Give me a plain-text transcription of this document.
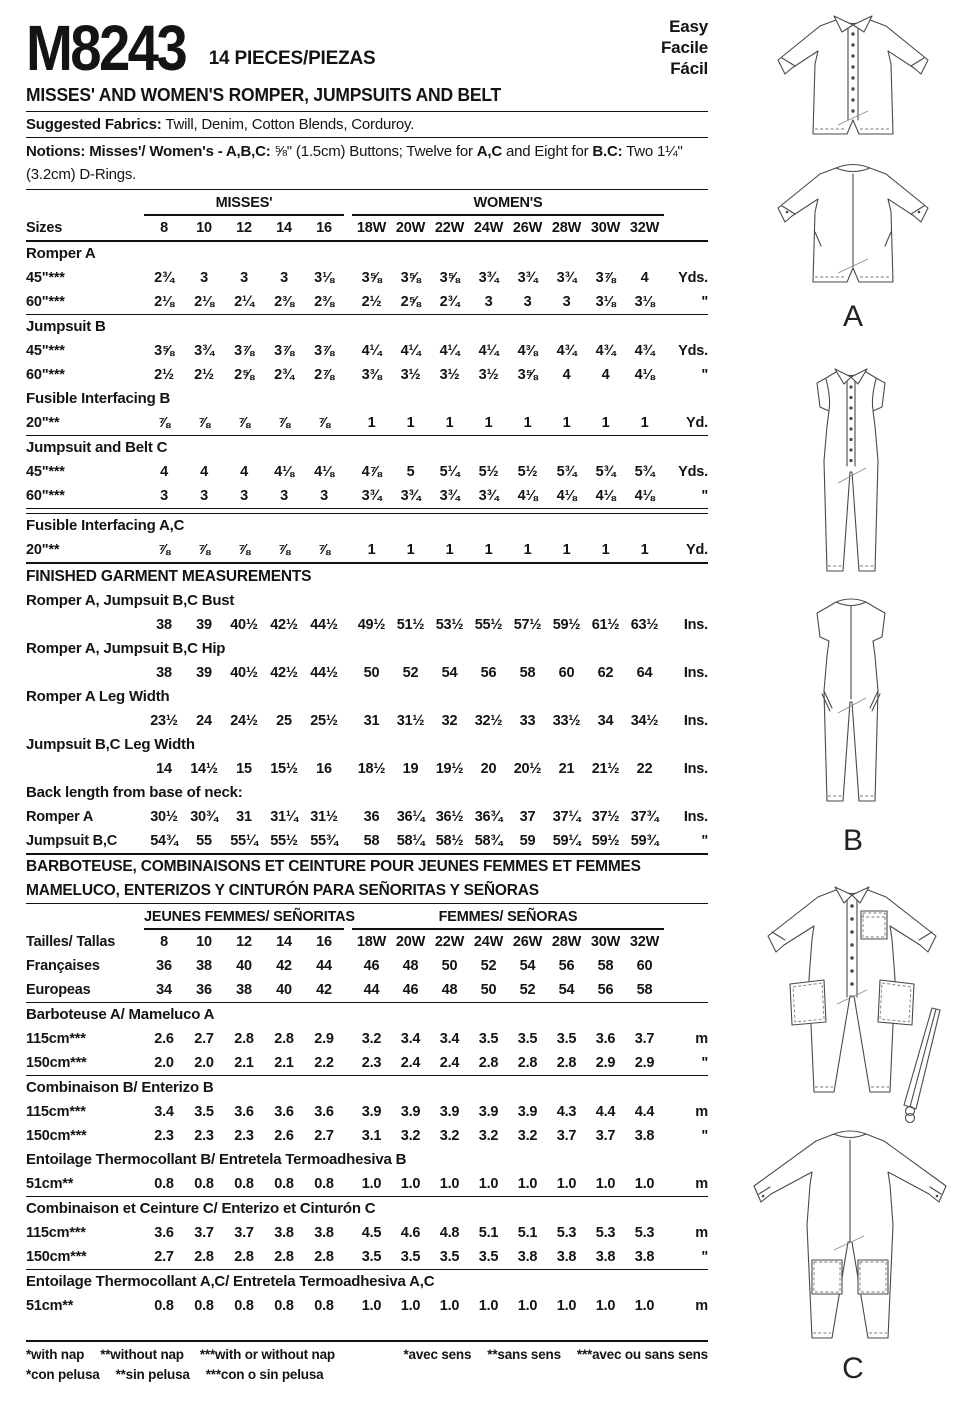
M8243 14 PIECES/PIEZAS
Easy
Facile
Fácil
MISSES' AND WOMEN'S ROMPER, JUMPSUITS AND BELT
Suggested Fabrics: Twill, Denim, Cotton Blends, Corduroy.
Notions: Misses'/ Women's - A,B,C: ⅝" (1.5cm) Buttons; Twelve for A,C and Eight for B.C: Two 1¼" (3.2cm) D-Rings.
MISSES'	WOMEN'S
Sizes	8	10	12	14	16	18W 20W 22W 24W 26W 28W 30W 32W
Romper A
45"***	2¾	3	3	3	3⅛	3⅝	3⅝	3⅝	3¾	3¾	3¾	3⅞	4	Yds.
60"***	2⅛	2⅛	2¼	2⅜	2⅜	2½	2⅝	2¾	3	3	3	3⅛	3⅛	"
Jumpsuit B
45"***	3⅝	3¾	3⅞	3⅞	3⅞	4¼	4¼	4¼	4¼	4⅜	4¾	4¾	4¾	Yds.
60"***	2½	2½	2⅝	2¾	2⅞	3⅜	3½	3½	3½	3⅝	4	4	4⅛	"
Fusible Interfacing B
20"**	⅞	⅞	⅞	⅞	⅞	1	1	1	1	1	1	1	1	Yd.
Jumpsuit and Belt C
45"***	4	4	4	4⅛	4⅛	4⅞	5	5¼	5½	5½	5¾	5¾	5¾	Yds.
60"***	3	3	3	3	3	3¾	3¾	3¾	3¾	4⅛	4⅛	4⅛	4⅛	"
Fusible Interfacing A,C
20"**	⅞	⅞	⅞	⅞	⅞	1	1	1	1	1	1	1	1	Yd.
FINISHED GARMENT MEASUREMENTS
Romper A, Jumpsuit B,C Bust
38	39	40½ 42½ 44½	49½ 51½ 53½ 55½ 57½ 59½ 61½ 63½	Ins.
Romper A, Jumpsuit B,C Hip
38	39	40½ 42½ 44½	50	52	54	56	58	60	62	64	Ins.
Romper A Leg Width
23½	24	24½	25	25½	31	31½	32	32½	33	33½	34	34½	Ins.
Jumpsuit B,C Leg Width
14	14½	15	15½	16	18½	19	19½	20	20½	21	21½	22	Ins.
Back length from base of neck:
Romper A	30½ 30¾	31	31¼ 31½	36	36¼ 36½ 36¾	37	37¼ 37½ 37¾	Ins.
Jumpsuit B,C	54¾	55	55¼ 55½ 55¾	58	58¼ 58½ 58¾	59	59¼ 59½ 59¾	"
BARBOTEUSE, COMBINAISONS ET CEINTURE POUR JEUNES FEMMES ET FEMMES
MAMELUCO, ENTERIZOS Y CINTURÓN PARA SEÑORITAS Y SEÑORAS
JEUNES FEMMES/ SEÑORITAS	FEMMES/ SEÑORAS
Tailles/ Tallas	8	10	12	14	16	18W 20W 22W 24W 26W 28W 30W 32W
Françaises	36	38	40	42	44	46	48	50	52	54	56	58	60
Europeas	34	36	38	40	42	44	46	48	50	52	54	56	58
Barboteuse A/ Mameluco A
115cm***	2.6	2.7	2.8	2.8	2.9	3.2	3.4	3.4	3.5	3.5	3.5	3.6	3.7	m
150cm***	2.0	2.0	2.1	2.1	2.2	2.3	2.4	2.4	2.8	2.8	2.8	2.9	2.9	"
Combinaison B/ Enterizo B
115cm***	3.4	3.5	3.6	3.6	3.6	3.9	3.9	3.9	3.9	3.9	4.3	4.4	4.4	m
150cm***	2.3	2.3	2.3	2.6	2.7	3.1	3.2	3.2	3.2	3.2	3.7	3.7	3.8	"
Entoilage Thermocollant B/ Entretela Termoadhesiva B
51cm**	0.8	0.8	0.8	0.8	0.8	1.0	1.0	1.0	1.0	1.0	1.0	1.0	1.0	m
Combinaison et Ceinture C/ Enterizo et Cinturón C
115cm***	3.6	3.7	3.7	3.8	3.8	4.5	4.6	4.8	5.1	5.1	5.3	5.3	5.3	m
150cm***	2.7	2.8	2.8	2.8	2.8	3.5	3.5	3.5	3.5	3.8	3.8	3.8	3.8	"
Entoilage Thermocollant A,C/ Entretela Termoadhesiva A,C
51cm**	0.8	0.8	0.8	0.8	0.8	1.0	1.0	1.0	1.0	1.0	1.0	1.0	1.0	m
*with nap **without nap ***with or without nap	*avec sens **sans sens ***avec ou sans sens
*con pelusa **sin pelusa ***con o sin pelusa
A
B
C
